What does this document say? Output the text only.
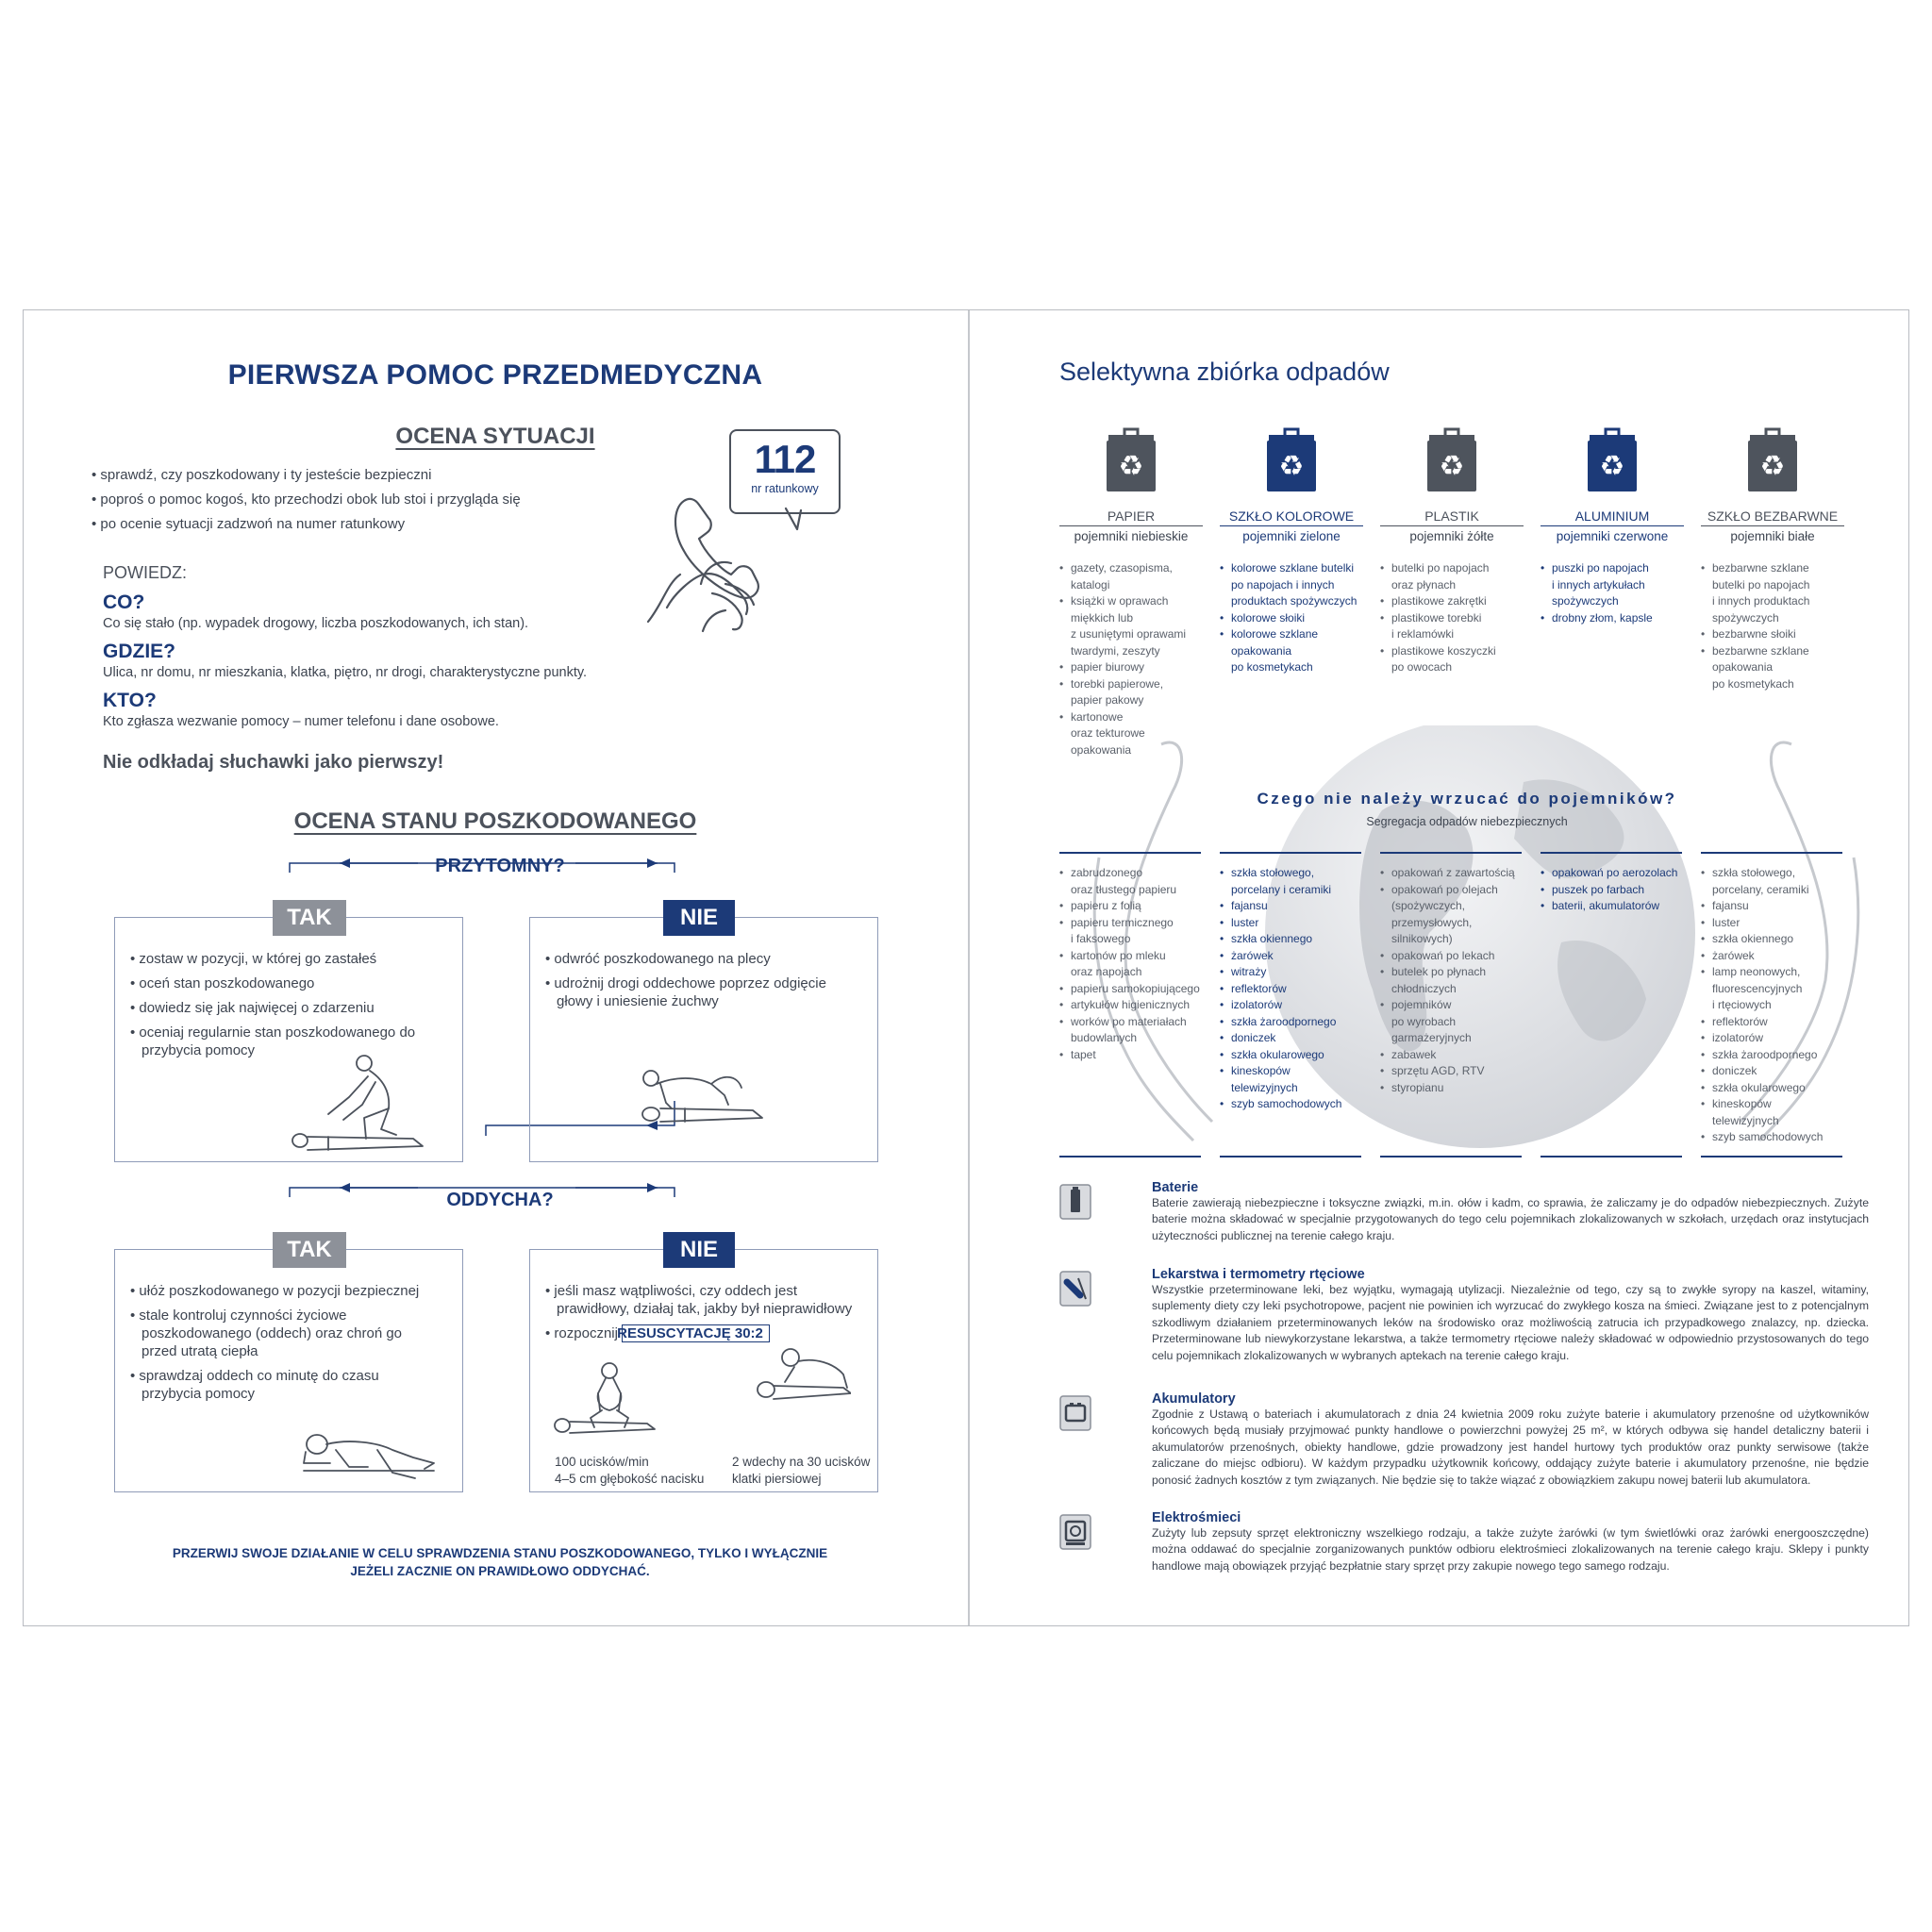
PIERWSZA POMOC PRZEDMEDYCZNA
OCENA SYTUACJI
• sprawdź, czy poszkodowany i ty jesteście bezpieczni
• poproś o pomoc kogoś, kto przechodzi obok lub stoi i przygląda się
• po ocenie sytuacji zadzwoń na numer ratunkowy
112
nr ratunkowy
POWIEDZ:
CO?
Co się stało (np. wypadek drogowy, liczba poszkodowanych, ich stan).
GDZIE?
Ulica, nr domu, nr mieszkania, klatka, piętro, nr drogi, charakterystyczne punkty.
KTO?
Kto zgłasza wezwanie pomocy – numer telefonu i dane osobowe.
Nie odkładaj słuchawki jako pierwszy!
OCENA STANU POSZKODOWANEGO
PRZYTOMNY?
• zostaw w pozycji, w której go zastałeś
• oceń stan poszkodowanego
• dowiedz się jak najwięcej o zdarzeniu
• oceniaj regularnie stan poszkodowanego do przybycia pomocy
TAK
• odwróć poszkodowanego na plecy
• udrożnij drogi oddechowe poprzez odgięcie głowy i uniesienie żuchwy
NIE
ODDYCHA?
• ułóż poszkodowanego w pozycji bezpiecznej
• stale kontroluj czynności życiowe poszkodowanego (oddech) oraz chroń go przed utratą ciepła
• sprawdzaj oddech co minutę do czasu przybycia pomocy
TAK
• jeśli masz wątpliwości, czy oddech jest prawidłowy, działaj tak, jakby był nieprawidłowy
• rozpocznij RESUSCYTACJĘ 30:2
100 ucisków/min
4–5 cm głębokość nacisku
2 wdechy na 30 ucisków
klatki piersiowej
NIE
PRZERWIJ SWOJE DZIAŁANIE W CELU SPRAWDZENIA STANU POSZKODOWANEGO, TYLKO I WYŁĄCZNIE
JEŻELI ZACZNIE ON PRAWIDŁOWO ODDYCHAĆ.
Selektywna zbiórka odpadów
♻
PAPIER
pojemniki niebieskie
• gazety, czasopisma,
katalogi
• książki w oprawach
miękkich lub
z usuniętymi oprawami
twardymi, zeszyty
• papier biurowy
• torebki papierowe,
papier pakowy
• kartonowe
oraz tekturowe
opakowania
♻
SZKŁO KOLOROWE
pojemniki zielone
• kolorowe szklane butelki
po napojach i innych
produktach spożywczych
• kolorowe słoiki
• kolorowe szklane
opakowania
po kosmetykach
♻
PLASTIK
pojemniki żółte
• butelki po napojach
oraz płynach
• plastikowe zakrętki
• plastikowe torebki
i reklamówki
• plastikowe koszyczki
po owocach
♻
ALUMINIUM
pojemniki czerwone
• puszki po napojach
i innych artykułach
spożywczych
• drobny złom, kapsle
♻
SZKŁO BEZBARWNE
pojemniki białe
• bezbarwne szklane
butelki po napojach
i innych produktach
spożywczych
• bezbarwne słoiki
• bezbarwne szklane
opakowania
po kosmetykach
Czego nie należy wrzucać do pojemników?
Segregacja odpadów niebezpiecznych
• zabrudzonego
oraz tłustego papieru
• papieru z folią
• papieru termicznego
i faksowego
• kartonów po mleku
oraz napojach
• papieru samokopiującego
• artykułów higienicznych
• worków po materiałach
budowlanych
• tapet
• szkła stołowego,
porcelany i ceramiki
• fajansu
• luster
• szkła okiennego
• żarówek
• witraży
• reflektorów
• izolatorów
• szkła żaroodpornego
• doniczek
• szkła okularowego
• kineskopów
telewizyjnych
• szyb samochodowych
• opakowań z zawartością
• opakowań po olejach
(spożywczych,
przemysłowych,
silnikowych)
• opakowań po lekach
• butelek po płynach
chłodniczych
• pojemników
po wyrobach
garmażeryjnych
• zabawek
• sprzętu AGD, RTV
• styropianu
• opakowań po aerozolach
• puszek po farbach
• baterii, akumulatorów
• szkła stołowego,
porcelany, ceramiki
• fajansu
• luster
• szkła okiennego
• żarówek
• lamp neonowych,
fluorescencyjnych
i rtęciowych
• reflektorów
• izolatorów
• szkła żaroodpornego
• doniczek
• szkła okularowego
• kineskopów
telewizyjnych
• szyb samochodowych
Baterie
Baterie zawierają niebezpieczne i toksyczne związki, m.in. ołów i kadm, co sprawia, że zaliczamy je do odpadów niebezpiecznych. Zużyte baterie można składować w specjalnie przygotowanych do tego celu pojemnikach zlokalizowanych w szkołach, urzędach oraz instytucjach użyteczności publicznej na terenie całego kraju.
Lekarstwa i termometry rtęciowe
Wszystkie przeterminowane leki, bez wyjątku, wymagają utylizacji. Niezależnie od tego, czy są to zwykłe syropy na kaszel, witaminy, suplementy diety czy leki psychotropowe, pacjent nie powinien ich wyrzucać do zwykłego kosza na śmieci. Związane jest to z potencjalnym szkodliwym działaniem przeterminowanych leków na środowisko oraz możliwością zatrucia ich przypadkowego znalazcy, np. dziecka. Przeterminowane lub niewykorzystane lekarstwa, a także termometry rtęciowe należy składować w odpowiednio przystosowanych do tego celu pojemnikach zlokalizowanych w wybranych aptekach na terenie całego kraju.
Akumulatory
Zgodnie z Ustawą o bateriach i akumulatorach z dnia 24 kwietnia 2009 roku zużyte baterie i akumulatory przenośne od użytkowników końcowych będą musiały przyjmować punkty handlowe o powierzchni powyżej 25 m², w których odbywa się handel detaliczny baterii i akumulatorów przenośnych, obiekty handlowe, gdzie prowadzony jest handel hurtowy tych produktów oraz punkty serwisowe (także zaliczane do miejsc odbioru). W każdym przypadku użytkownik końcowy, oddający zużyte baterie i akumulatory przenośne, nie będzie ponosić żadnych kosztów z tym związanych. Nie będzie się to także wiązać z obowiązkiem zakupu nowej baterii lub akumulatora.
Elektrośmieci
Zużyty lub zepsuty sprzęt elektroniczny wszelkiego rodzaju, a także zużyte żarówki (w tym świetlówki oraz żarówki energooszczędne) można oddawać do specjalnie zorganizowanych punktów odbioru elektrośmieci zlokalizowanych na terenie całego kraju. Sklepy i punkty handlowe mają obowiązek przyjąć bezpłatnie stary sprzęt przy zakupie nowego tego samego rodzaju.
